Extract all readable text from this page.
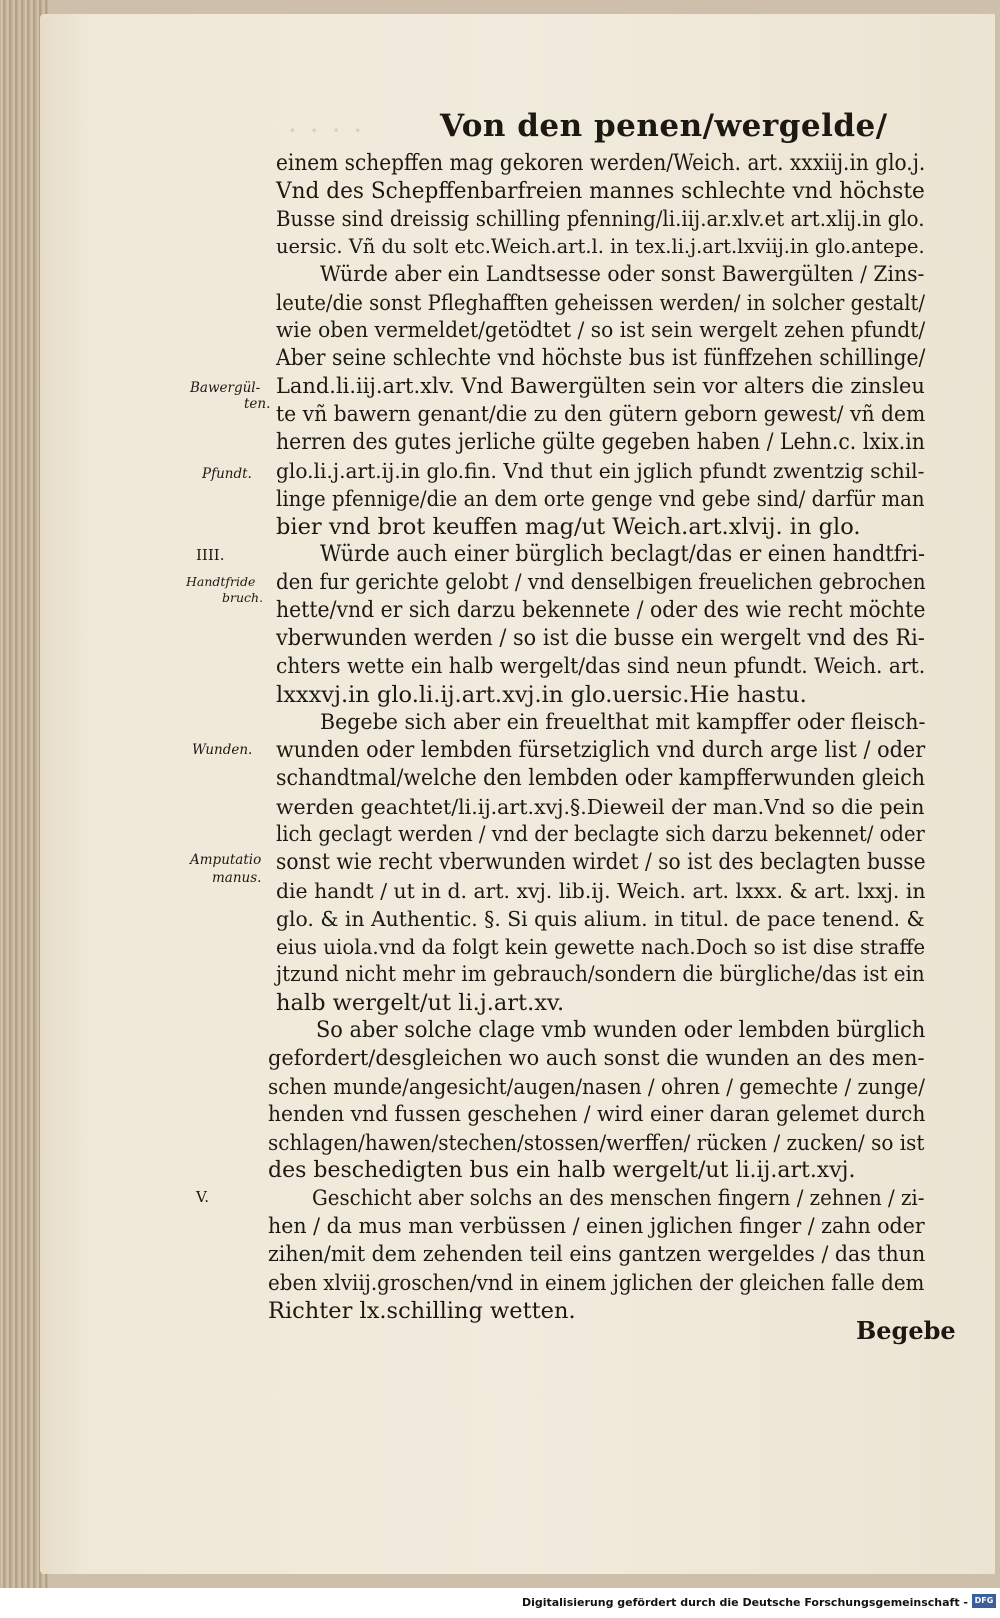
· · · · Von den penen/wergelde/
einem schepffen mag gekoren werden/Weich. art. xxxiij.in glo.j.
Vnd des Schepffenbarfreien mannes schlechte vnd höchste
Busse sind dreissig schilling pfenning/li.iij.ar.xlv.et art.xlij.in glo.
uersic. Vñ du solt etc.Weich.art.l. in tex.li.j.art.lxviij.in glo.antepe.
Würde aber ein Landtsesse oder sonst Bawergülten / Zins-
leute/die sonst Pfleghafften geheissen werden/ in solcher gestalt/
wie oben vermeldet/getödtet / so ist sein wergelt zehen pfundt/
Aber seine schlechte vnd höchste bus ist fünffzehen schillinge/
Land.li.iij.art.xlv. Vnd Bawergülten sein vor alters die zinsleu
te vñ bawern genant/die zu den gütern geborn gewest/ vñ dem
herren des gutes jerliche gülte gegeben haben / Lehn.c. lxix.in
glo.li.j.art.ij.in glo.fin. Vnd thut ein jglich pfundt zwentzig schil-
linge pfennige/die an dem orte genge vnd gebe sind/ darfür man
bier vnd brot keuffen mag/ut Weich.art.xlvij. in glo.
Würde auch einer bürglich beclagt/das er einen handtfri-
den fur gerichte gelobt / vnd denselbigen freuelichen gebrochen
hette/vnd er sich darzu bekennete / oder des wie recht möchte
vberwunden werden / so ist die busse ein wergelt vnd des Ri-
chters wette ein halb wergelt/das sind neun pfundt. Weich. art.
lxxxvj.in glo.li.ij.art.xvj.in glo.uersic.Hie hastu.
Begebe sich aber ein freuelthat mit kampffer oder fleisch-
wunden oder lembden fürsetziglich vnd durch arge list / oder
schandtmal/welche den lembden oder kampfferwunden gleich
werden geachtet/li.ij.art.xvj.§.Dieweil der man.Vnd so die pein
lich geclagt werden / vnd der beclagte sich darzu bekennet/ oder
sonst wie recht vberwunden wirdet / so ist des beclagten busse
die handt / ut in d. art. xvj. lib.ij. Weich. art. lxxx. & art. lxxj. in
glo. & in Authentic. §. Si quis alium. in titul. de pace tenend. &
eius uiola.vnd da folgt kein gewette nach.Doch so ist dise straffe
jtzund nicht mehr im gebrauch/sondern die bürgliche/das ist ein
halb wergelt/ut li.j.art.xv.
So aber solche clage vmb wunden oder lembden bürglich
gefordert/desgleichen wo auch sonst die wunden an des men-
schen munde/angesicht/augen/nasen / ohren / gemechte / zunge/
henden vnd fussen geschehen / wird einer daran gelemet durch
schlagen/hawen/stechen/stossen/werffen/ rücken / zucken/ so ist
des beschedigten bus ein halb wergelt/ut li.ij.art.xvj.
Geschicht aber solchs an des menschen fingern / zehnen / zi-
hen / da mus man verbüssen / einen jglichen finger / zahn oder
zihen/mit dem zehenden teil eins gantzen wergeldes / das thun
eben xlviij.groschen/vnd in einem jglichen der gleichen falle dem
Richter lx.schilling wetten.
Bawergül-
ten.
Pfundt.
IIII.
Handtfride
bruch.
Wunden.
Amputatio
manus.
V.
Begebe
Digitalisierung gefördert durch die Deutsche Forschungsgemeinschaft - DFG
